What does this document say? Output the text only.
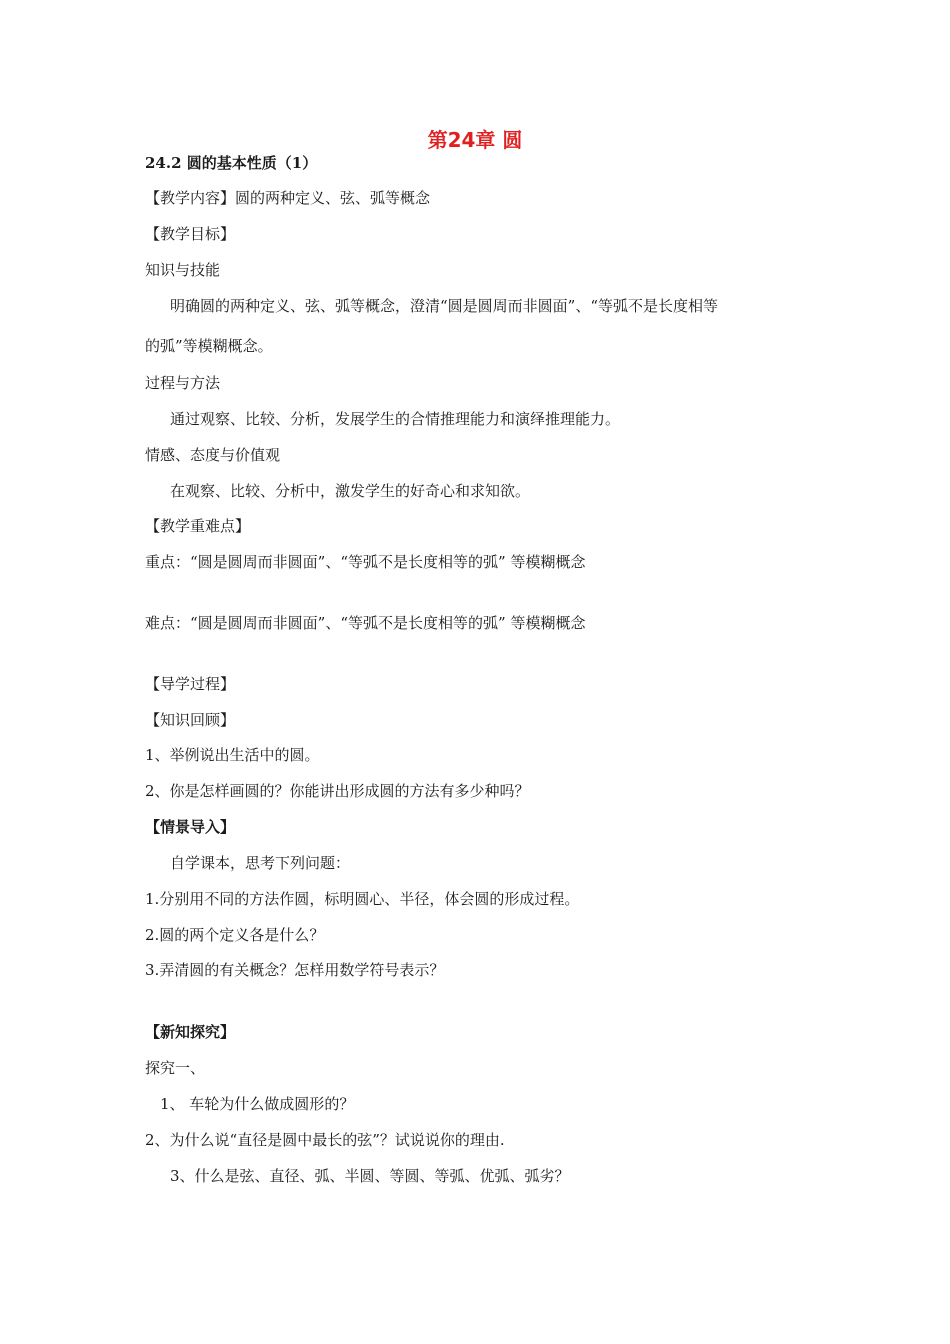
第24章 圆
24.2 圆的基本性质（1）
【教学内容】圆的两种定义、弦、弧等概念
【教学目标】
知识与技能
明确圆的两种定义、弦、弧等概念，澄清“圆是圆周而非圆面”、“等弧不是长度相等
的弧”等模糊概念。
过程与方法
通过观察、比较、分析，发展学生的合情推理能力和演绎推理能力。
情感、态度与价值观
在观察、比较、分析中，激发学生的好奇心和求知欲。
【教学重难点】
重点：“圆是圆周而非圆面”、“等弧不是长度相等的弧” 等模糊概念
难点：“圆是圆周而非圆面”、“等弧不是长度相等的弧” 等模糊概念
【导学过程】
【知识回顾】
1、举例说出生活中的圆。
2、你是怎样画圆的？你能讲出形成圆的方法有多少种吗？
【情景导入】
自学课本，思考下列问题：
1.分别用不同的方法作圆，标明圆心、半径，体会圆的形成过程。
2.圆的两个定义各是什么？
3.弄清圆的有关概念？怎样用数学符号表示？
【新知探究】
探究一、
1、 车轮为什么做成圆形的？
2、为什么说“直径是圆中最长的弦”？试说说你的理由.
3、什么是弦、直径、弧、半圆、等圆、等弧、优弧、弧劣？
